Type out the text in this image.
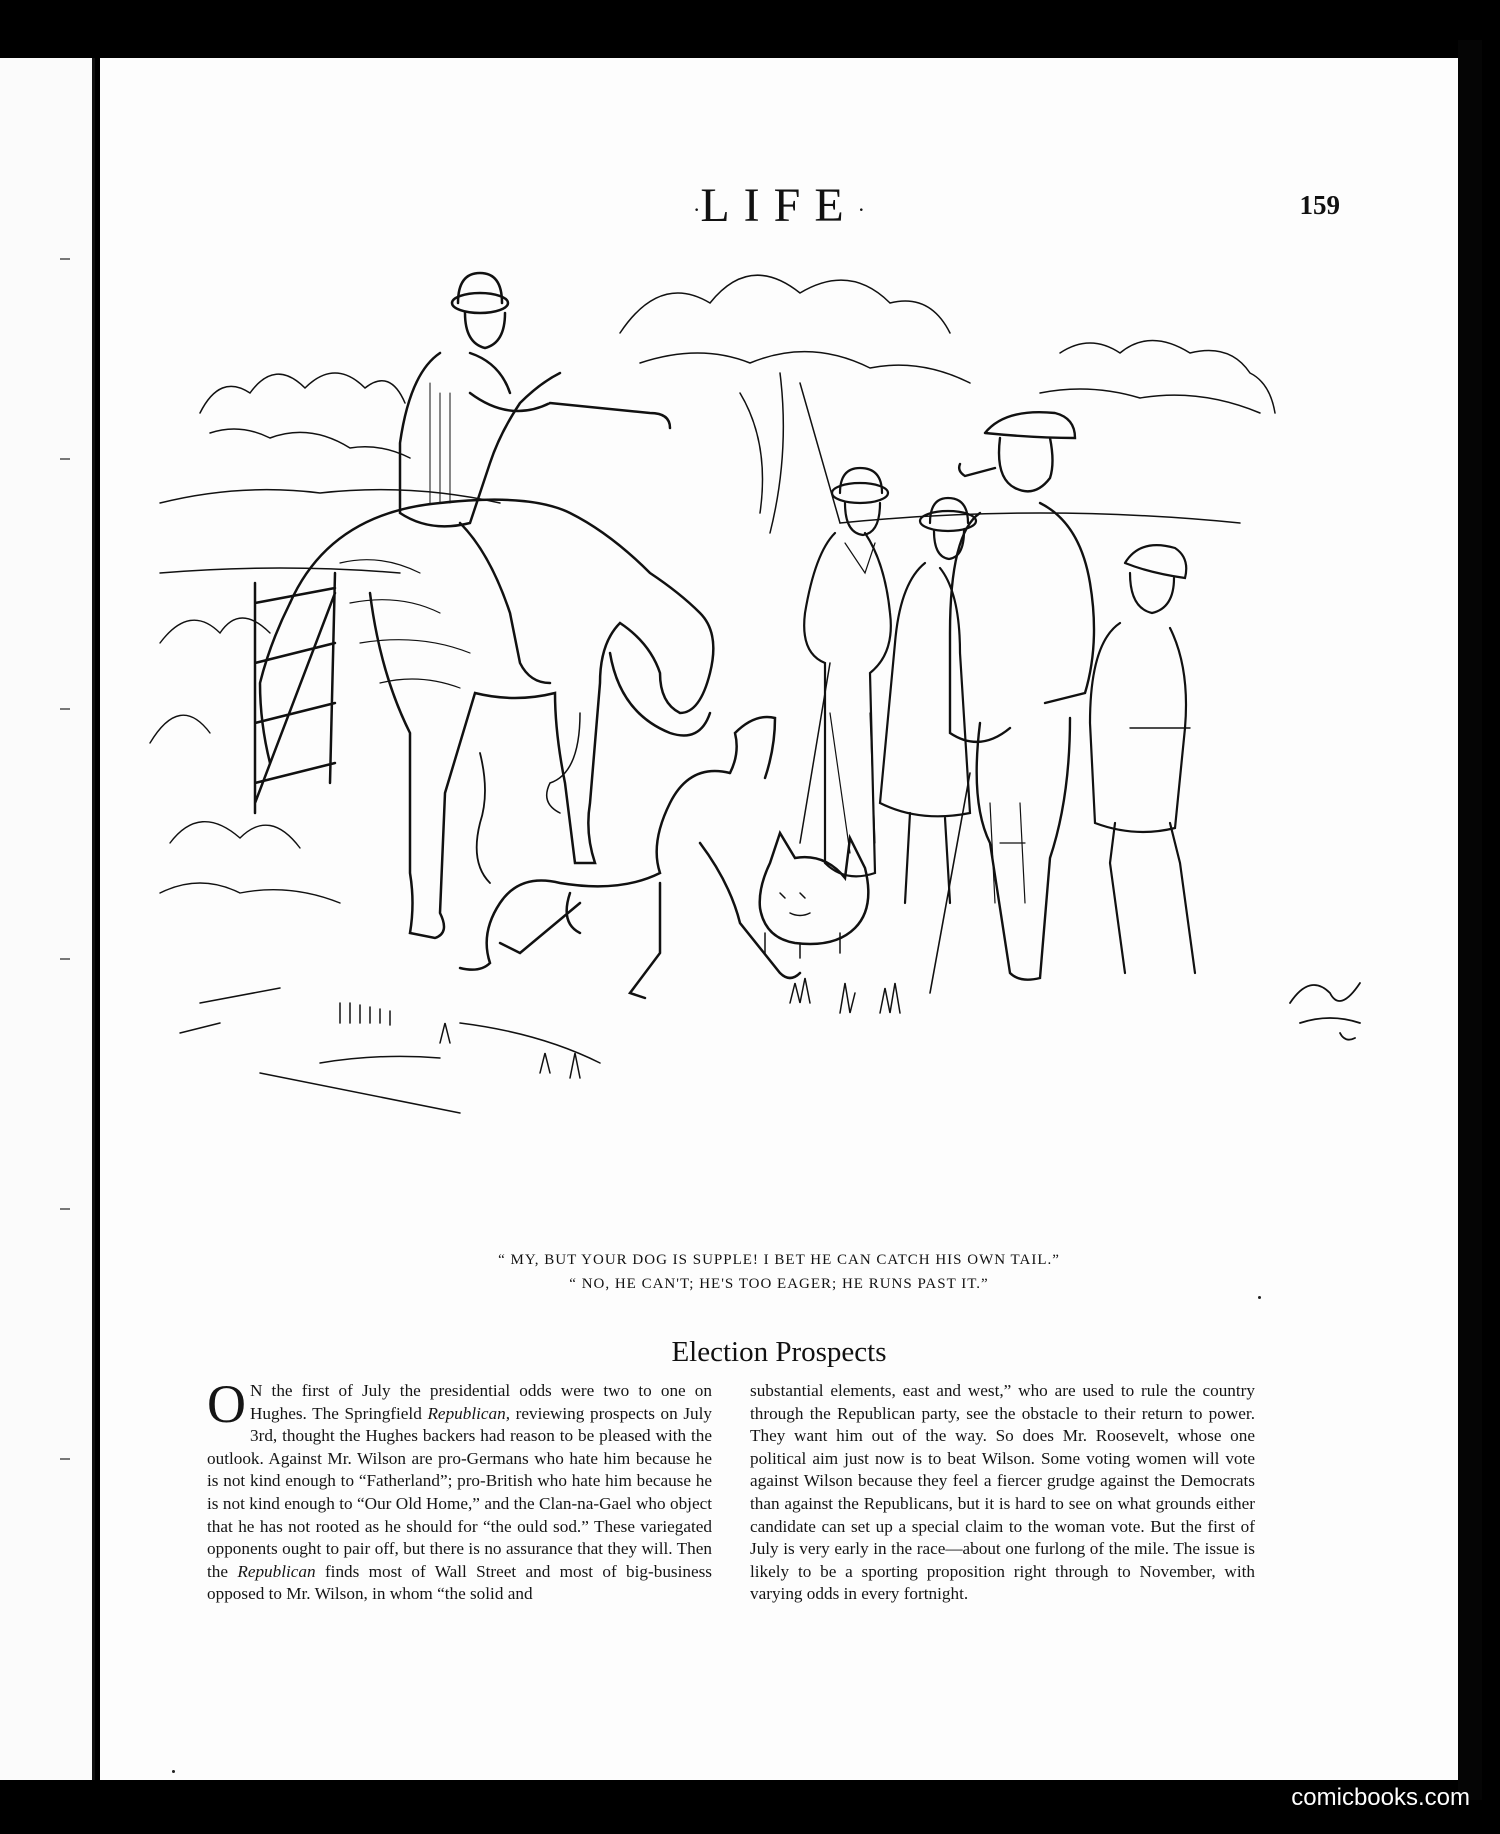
·LIFE·	159
“ MY, BUT YOUR DOG IS SUPPLE! I BET HE CAN CATCH HIS OWN TAIL.”
“ NO, HE CAN'T; HE'S TOO EAGER; HE RUNS PAST IT.”
Election Prospects

O N the first of July the presidential odds were two to one on Hughes. The Springfield Republican, reviewing prospects on July 3rd, thought the Hughes backers had reason to be pleased with the outlook. Against Mr. Wilson are pro-Germans who hate him because he is not kind enough to “Fatherland”; pro-British who hate him because he is not kind enough to “Our Old Home,” and the Clan-na-Gael who object that he has not rooted as he should for “the ould sod.” These variegated opponents ought to pair off, but there is no assurance that they will. Then the Republican finds most of Wall Street and most of big-business opposed to Mr. Wilson, in whom “the solid and

substantial elements, east and west,” who are used to rule the country through the Republican party, see the obstacle to their return to power. They want him out of the way. So does Mr. Roosevelt, whose one political aim just now is to beat Wilson. Some voting women will vote against Wilson because they feel a fiercer grudge against the Democrats than against the Republicans, but it is hard to see on what grounds either candidate can set up a special claim to the woman vote. But the first of July is very early in the race—about one furlong of the mile. The issue is likely to be a sporting proposition right through to November, with varying odds in every fortnight.

comicbooks.com
